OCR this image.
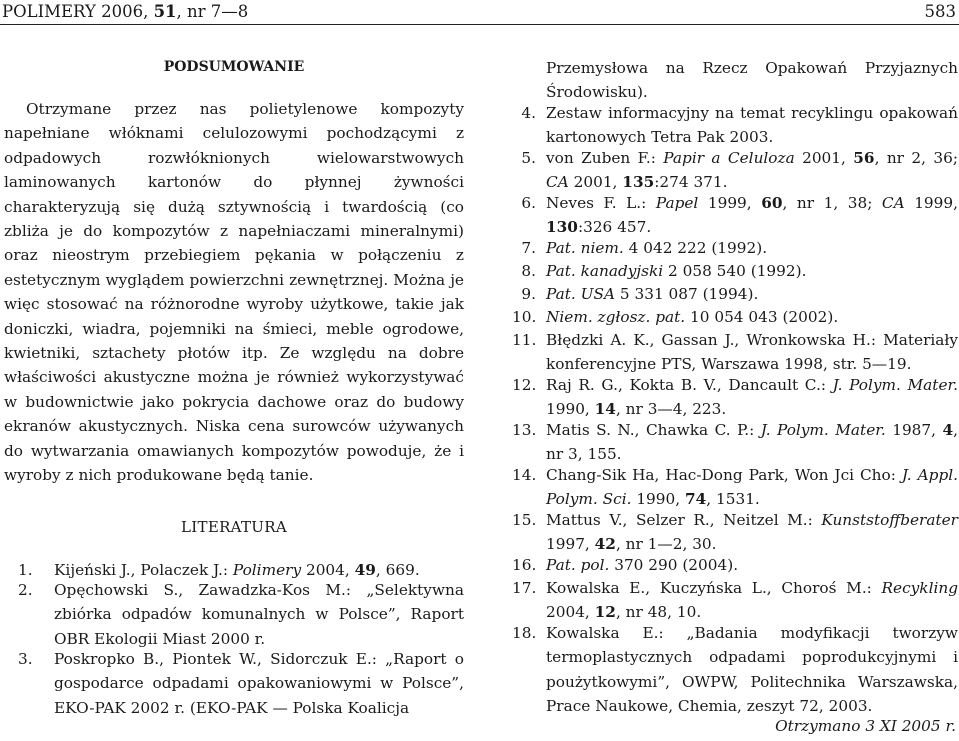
POLIMERY 2006, 51, nr 7—8	583
PODSUMOWANIE
Otrzymane przez nas polietylenowe kompozyty napełniane włóknami celulozowymi pochodzącymi z odpadowych rozwłóknionych wielowarstwowych laminowanych kartonów do płynnej żywności charakteryzują się dużą sztywnością i twardością (co zbliża je do kompozytów z napełniaczami mineralnymi) oraz nieostrym przebiegiem pękania w połączeniu z estetycznym wyglądem powierzchni zewnętrznej. Można je więc stosować na różnorodne wyroby użytkowe, takie jak doniczki, wiadra, pojemniki na śmieci, meble ogrodowe, kwietniki, sztachety płotów itp. Ze względu na dobre właściwości akustyczne można je również wykorzystywać w budownictwie jako pokrycia dachowe oraz do budowy ekranów akustycznych. Niska cena surowców używanych do wytwarzania omawianych kompozytów powoduje, że i wyroby z nich produkowane będą tanie.
LITERATURA
1. Kijeński J., Polaczek J.: Polimery 2004, 49, 669.
2. Opęchowski S., Zawadzka-Kos M.: „Selektywna zbiórka odpadów komunalnych w Polsce”, Raport OBR Ekologii Miast 2000 r.
3. Poskropko B., Piontek W., Sidorczuk E.: „Raport o gospodarce odpadami opakowaniowymi w Polsce”, EKO-PAK 2002 r. (EKO-PAK — Polska Koalicja
Przemysłowa na Rzecz Opakowań Przyjaznych Środowisku).
4. Zestaw informacyjny na temat recyklingu opakowań kartonowych Tetra Pak 2003.
5. von Zuben F.: Papir a Celuloza 2001, 56, nr 2, 36; CA 2001, 135:274 371.
6. Neves F. L.: Papel 1999, 60, nr 1, 38; CA 1999, 130:326 457.
7. Pat. niem. 4 042 222 (1992).
8. Pat. kanadyjski 2 058 540 (1992).
9. Pat. USA 5 331 087 (1994).
10. Niem. zgłosz. pat. 10 054 043 (2002).
11. Błędzki A. K., Gassan J., Wronkowska H.: Materiały konferencyjne PTS, Warszawa 1998, str. 5—19.
12. Raj R. G., Kokta B. V., Dancault C.: J. Polym. Mater. 1990, 14, nr 3—4, 223.
13. Matis S. N., Chawka C. P.: J. Polym. Mater. 1987, 4, nr 3, 155.
14. Chang-Sik Ha, Hac-Dong Park, Won Jci Cho: J. Appl. Polym. Sci. 1990, 74, 1531.
15. Mattus V., Selzer R., Neitzel M.: Kunststoffberater 1997, 42, nr 1—2, 30.
16. Pat. pol. 370 290 (2004).
17. Kowalska E., Kuczyńska L., Choroś M.: Recykling 2004, 12, nr 48, 10.
18. Kowalska E.: „Badania modyfikacji tworzyw termoplastycznych odpadami poprodukcyjnymi i poużytkowymi”, OWPW, Politechnika Warszawska, Prace Naukowe, Chemia, zeszyt 72, 2003.
Otrzymano 3 XI 2005 r.
